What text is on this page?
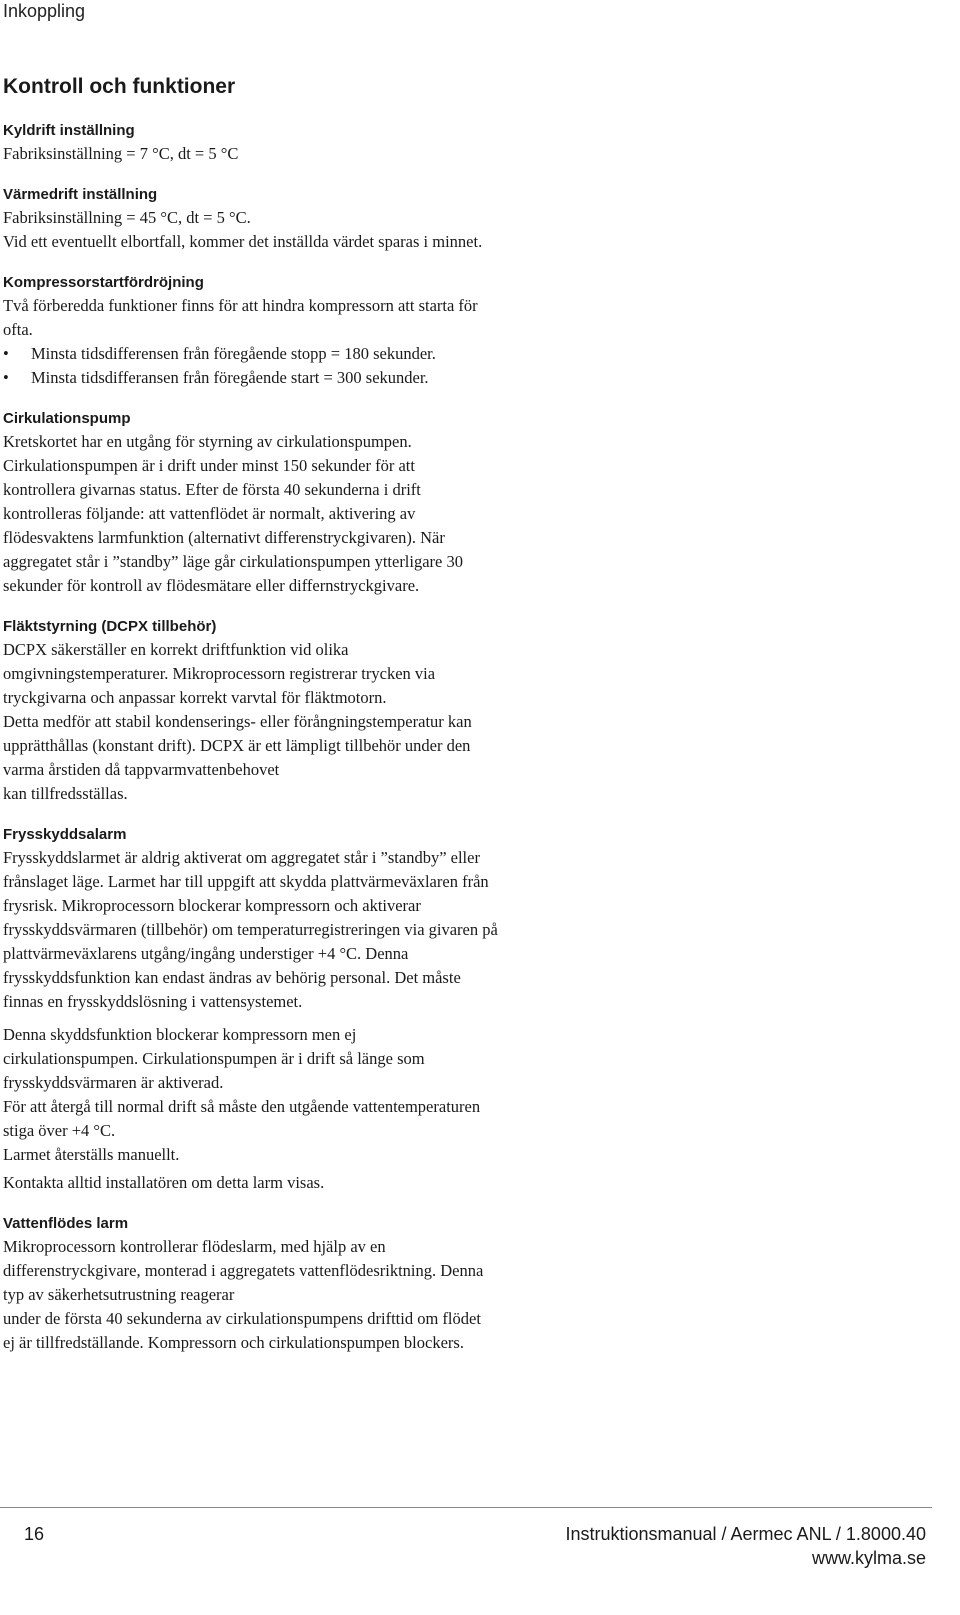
Inkoppling
Kontroll och funktioner
Kyldrift inställning

Fabriksinställning = 7 °C, dt = 5 °C

Värmedrift inställning

Fabriksinställning = 45 °C, dt = 5 °C.

Vid ett eventuellt elbortfall, kommer det inställda värdet sparas i minnet.

Kompressorstartfördröjning

Två förberedda funktioner finns för att hindra kompressorn att starta för

ofta.

• Minsta tidsdifferensen från föregående stopp = 180 sekunder.
• Minsta tidsdifferansen från föregående start = 300 sekunder.
Cirkulationspump

Kretskortet har en utgång för styrning av cirkulationspumpen.

Cirkulationspumpen är i drift under minst 150 sekunder för att

kontrollera givarnas status. Efter de första 40 sekunderna i drift

kontrolleras följande: att vattenflödet är normalt, aktivering av

flödesvaktens larmfunktion (alternativt differenstryckgivaren). När

aggregatet står i ”standby” läge går cirkulationspumpen ytterligare 30

sekunder för kontroll av flödesmätare eller differnstryckgivare.

Fläktstyrning (DCPX tillbehör)

DCPX säkerställer en korrekt driftfunktion vid olika

omgivningstemperaturer. Mikroprocessorn registrerar trycken via

tryckgivarna och anpassar korrekt varvtal för fläktmotorn.

Detta medför att stabil kondenserings- eller förångningstemperatur kan

upprätthållas (konstant drift). DCPX är ett lämpligt tillbehör under den

varma årstiden då tappvarmvattenbehovet

kan tillfredsställas.

Frysskyddsalarm

Frysskyddslarmet är aldrig aktiverat om aggregatet står i ”standby” eller

frånslaget läge. Larmet har till uppgift att skydda plattvärmeväxlaren från

frysrisk. Mikroprocessorn blockerar kompressorn och aktiverar

frysskyddsvärmaren (tillbehör) om temperaturregistreringen via givaren på

plattvärmeväxlarens utgång/ingång understiger +4 °C. Denna

frysskyddsfunktion kan endast ändras av behörig personal. Det måste

finnas en frysskyddslösning i vattensystemet.

Denna skyddsfunktion blockerar kompressorn men ej

cirkulationspumpen. Cirkulationspumpen är i drift så länge som

frysskyddsvärmaren är aktiverad.

För att återgå till normal drift så måste den utgående vattentemperaturen

stiga över +4 °C.

Larmet återställs manuellt.

Kontakta alltid installatören om detta larm visas.

Vattenflödes larm

Mikroprocessorn kontrollerar flödeslarm, med hjälp av en

differenstryckgivare, monterad i aggregatets vattenflödesriktning. Denna

typ av säkerhetsutrustning reagerar

under de första 40 sekunderna av cirkulationspumpens drifttid om flödet

ej är tillfredställande. Kompressorn och cirkulationspumpen blockers.

16	Instruktionsmanual / Aermec ANL / 1.8000.40
www.kylma.se
